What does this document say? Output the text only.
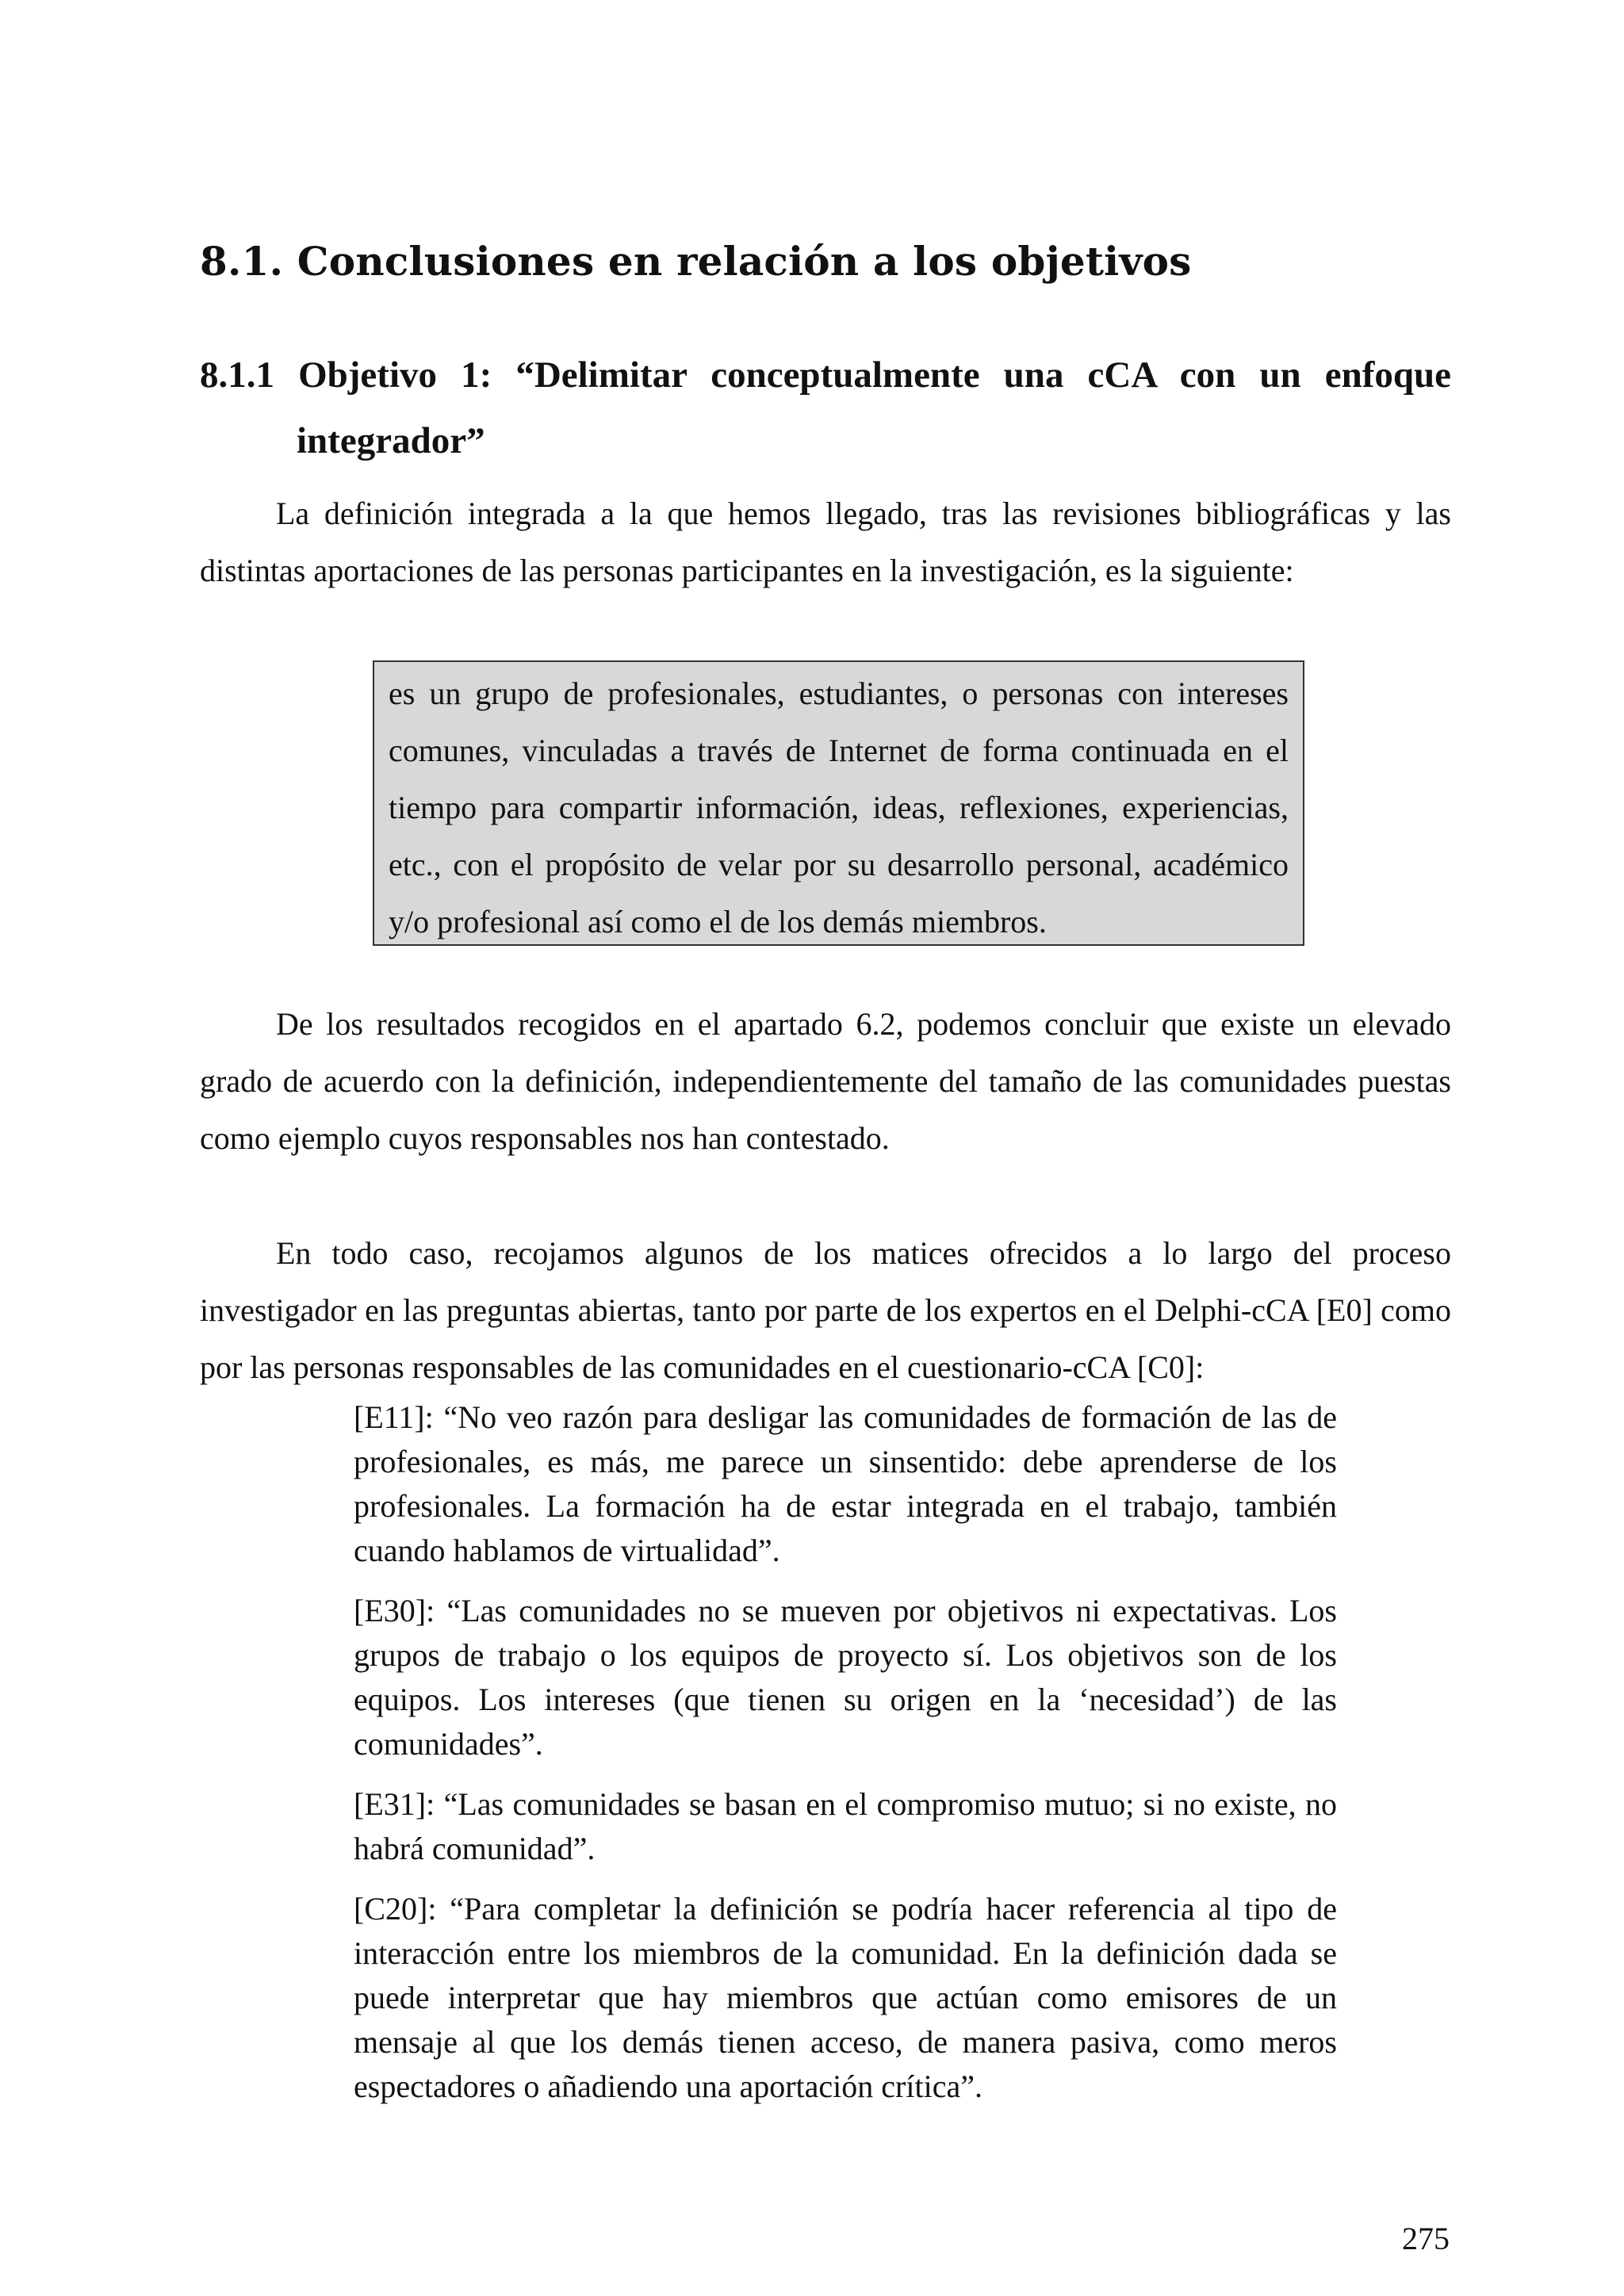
8.1. Conclusiones en relación a los objetivos
8.1.1 Objetivo 1: “Delimitar conceptualmente una cCA con un enfoque
integrador”

La definición integrada a la que hemos llegado, tras las revisiones bibliográficas y las distintas aportaciones de las personas participantes en la investigación, es la siguiente:

es un grupo de profesionales, estudiantes, o personas con intereses comunes, vinculadas a través de Internet de forma continuada en el tiempo para compartir información, ideas, reflexiones, experiencias, etc., con el propósito de velar por su desarrollo personal, académico y/o profesional así como el de los demás miembros.

De los resultados recogidos en el apartado 6.2, podemos concluir que existe un elevado grado de acuerdo con la definición, independientemente del tamaño de las comunidades puestas como ejemplo cuyos responsables nos han contestado.

En todo caso, recojamos algunos de los matices ofrecidos a lo largo del proceso investigador en las preguntas abiertas, tanto por parte de los expertos en el Delphi-cCA [E0] como por las personas responsables de las comunidades en el cuestionario-cCA [C0]:

[E11]: “No veo razón para desligar las comunidades de formación de las de profesionales, es más, me parece un sinsentido: debe aprenderse de los profesionales. La formación ha de estar integrada en el trabajo, también cuando hablamos de virtualidad”.

[E30]: “Las comunidades no se mueven por objetivos ni expectativas. Los grupos de trabajo o los equipos de proyecto sí. Los objetivos son de los equipos. Los intereses (que tienen su origen en la ‘necesidad’) de las comunidades”.

[E31]: “Las comunidades se basan en el compromiso mutuo; si no existe, no habrá comunidad”.

[C20]: “Para completar la definición se podría hacer referencia al tipo de interacción entre los miembros de la comunidad. En la definición dada se puede interpretar que hay miembros que actúan como emisores de un mensaje al que los demás tienen acceso, de manera pasiva, como meros espectadores o añadiendo una aportación crítica”.

275
